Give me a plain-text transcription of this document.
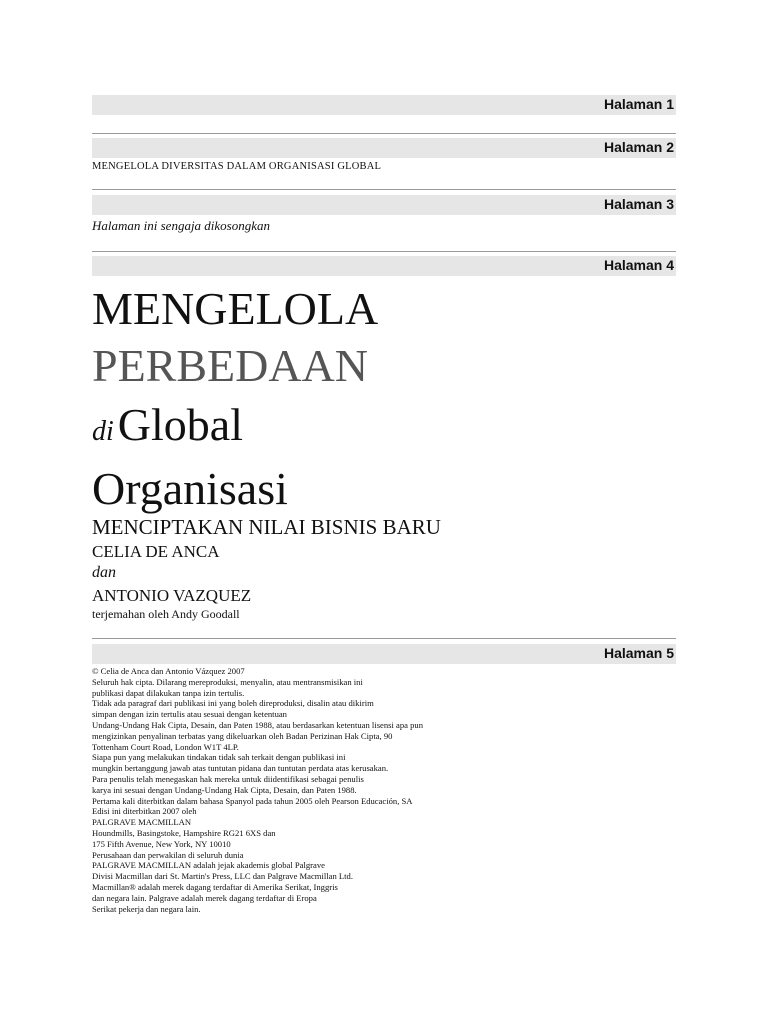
Halaman 1
Halaman 2
MENGELOLA DIVERSITAS DALAM ORGANISASI GLOBAL
Halaman 3
Halaman ini sengaja dikosongkan
Halaman 4
MENGELOLA
PERBEDAAN
diGlobal
Organisasi
MENCIPTAKAN NILAI BISNIS BARU
CELIA DE ANCA
dan
ANTONIO VAZQUEZ
terjemahan oleh Andy Goodall
Halaman 5
© Celia de Anca dan Antonio Vázquez 2007
Seluruh hak cipta. Dilarang mereproduksi, menyalin, atau mentransmisikan ini
publikasi dapat dilakukan tanpa izin tertulis.
Tidak ada paragraf dari publikasi ini yang boleh direproduksi, disalin atau dikirim
simpan dengan izin tertulis atau sesuai dengan ketentuan
Undang-Undang Hak Cipta, Desain, dan Paten 1988, atau berdasarkan ketentuan lisensi apa pun
mengizinkan penyalinan terbatas yang dikeluarkan oleh Badan Perizinan Hak Cipta, 90
Tottenham Court Road, London W1T 4LP.
Siapa pun yang melakukan tindakan tidak sah terkait dengan publikasi ini
mungkin bertanggung jawab atas tuntutan pidana dan tuntutan perdata atas kerusakan.
Para penulis telah menegaskan hak mereka untuk diidentifikasi sebagai penulis
karya ini sesuai dengan Undang-Undang Hak Cipta, Desain, dan Paten 1988.
Pertama kali diterbitkan dalam bahasa Spanyol pada tahun 2005 oleh Pearson Educación, SA
Edisi ini diterbitkan 2007 oleh
PALGRAVE MACMILLAN
Houndmills, Basingstoke, Hampshire RG21 6XS dan
175 Fifth Avenue, New York, NY 10010
Perusahaan dan perwakilan di seluruh dunia
PALGRAVE MACMILLAN adalah jejak akademis global Palgrave
Divisi Macmillan dari St. Martin's Press, LLC dan Palgrave Macmillan Ltd.
Macmillan® adalah merek dagang terdaftar di Amerika Serikat, Inggris
dan negara lain. Palgrave adalah merek dagang terdaftar di Eropa
Serikat pekerja dan negara lain.
